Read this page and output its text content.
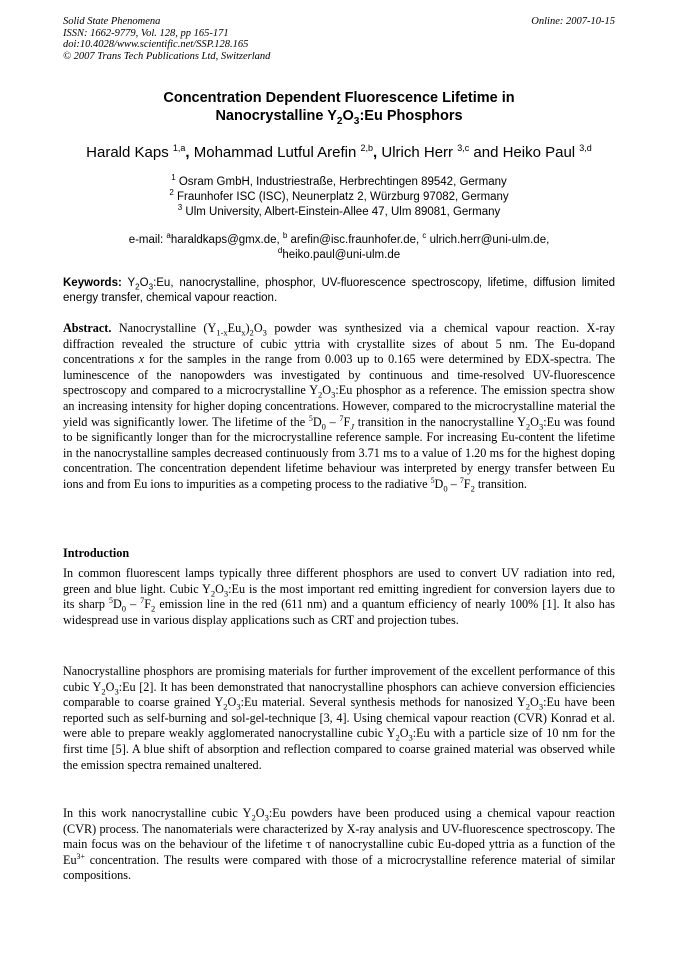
Solid State Phenomena
ISSN: 1662-9779, Vol. 128, pp 165-171
doi:10.4028/www.scientific.net/SSP.128.165
© 2007 Trans Tech Publications Ltd, Switzerland
Online: 2007-10-15
Concentration Dependent Fluorescence Lifetime in
Nanocrystalline $Y_2O_3:Eu$ Phosphors
Harald Kaps $^{1,a}$, Mohammad Lutful Arefin $^{2,b}$, Ulrich Herr $^{3,c}$ and Heiko Paul $^{3,d}$
$^1$ Osram GmbH, Industriestraße, Herbrechtingen 89542, Germany
$^2$ Fraunhofer ISC (ISC), Neunerplatz 2, Würzburg 97082, Germany
$^3$ Ulm University, Albert-Einstein-Allee 47, Ulm 89081, Germany
e-mail: $^a$haraldkaps@gmx.de, $^b$ arefin@isc.fraunhofer.de, $^c$ ulrich.herr@uni-ulm.de,
$^d$heiko.paul@uni-ulm.de
Keywords: $Y_2O_3:Eu$, nanocrystalline, phosphor, UV-fluorescence spectroscopy, lifetime, diffusion limited energy transfer, chemical vapour reaction.
Abstract. Nanocrystalline $(Y_{1-x}Eu_x)_2O_3$ powder was synthesized via a chemical vapour reaction. X-ray diffraction revealed the structure of cubic yttria with crystallite sizes of about 5 nm. The Eu-dopand concentrations x for the samples in the range from 0.003 up to 0.165 were determined by EDX-spectra. The luminescence of the nanopowders was investigated by continuous and time-resolved UV-fluorescence spectroscopy and compared to a microcrystalline $Y_2O_3:Eu$ phosphor as a reference. The emission spectra show an increasing intensity for higher doping concentrations. However, compared to the microcrystalline material the yield was significantly lower. The lifetime of the $^5D_0 - ^7F_J$ transition in the nanocrystalline $Y_2O_3:Eu$ was found to be significantly longer than for the microcrystalline reference sample. For increasing Eu-content the lifetime in the nanocrystalline samples decreased continuously from 3.71 ms to a value of 1.20 ms for the highest doping concentration. The concentration dependent lifetime behaviour was interpreted by energy transfer between Eu ions and from Eu ions to impurities as a competing process to the radiative $^5D_0 - ^7F_2$ transition.
Introduction
In common fluorescent lamps typically three different phosphors are used to convert UV radiation into red, green and blue light. Cubic $Y_2O_3:Eu$ is the most important red emitting ingredient for conversion layers due to its sharp $^5D_0 - ^7F_2$ emission line in the red (611 nm) and a quantum efficiency of nearly 100% [1]. It also has widespread use in various display applications such as CRT and projection tubes.
Nanocrystalline phosphors are promising materials for further improvement of the excellent performance of this cubic $Y_2O_3:Eu$ [2]. It has been demonstrated that nanocrystalline phosphors can achieve conversion efficiencies comparable to coarse grained $Y_2O_3:Eu$ material. Several synthesis methods for nanosized $Y_2O_3:Eu$ have been reported such as self-burning and sol-gel-technique [3, 4]. Using chemical vapour reaction (CVR) Konrad et al. were able to prepare weakly agglomerated nanocrystalline cubic $Y_2O_3:Eu$ with a particle size of 10 nm for the first time [5]. A blue shift of absorption and reflection compared to coarse grained material was observed while the emission spectra remained unaltered.
In this work nanocrystalline cubic $Y_2O_3:Eu$ powders have been produced using a chemical vapour reaction (CVR) process. The nanomaterials were characterized by X-ray analysis and UV-fluorescence spectroscopy. The main focus was on the behaviour of the lifetime τ of nanocrystalline cubic Eu-doped yttria as a function of the $Eu^{3+}$ concentration. The results were compared with those of a microcrystalline reference material of similar compositions.
